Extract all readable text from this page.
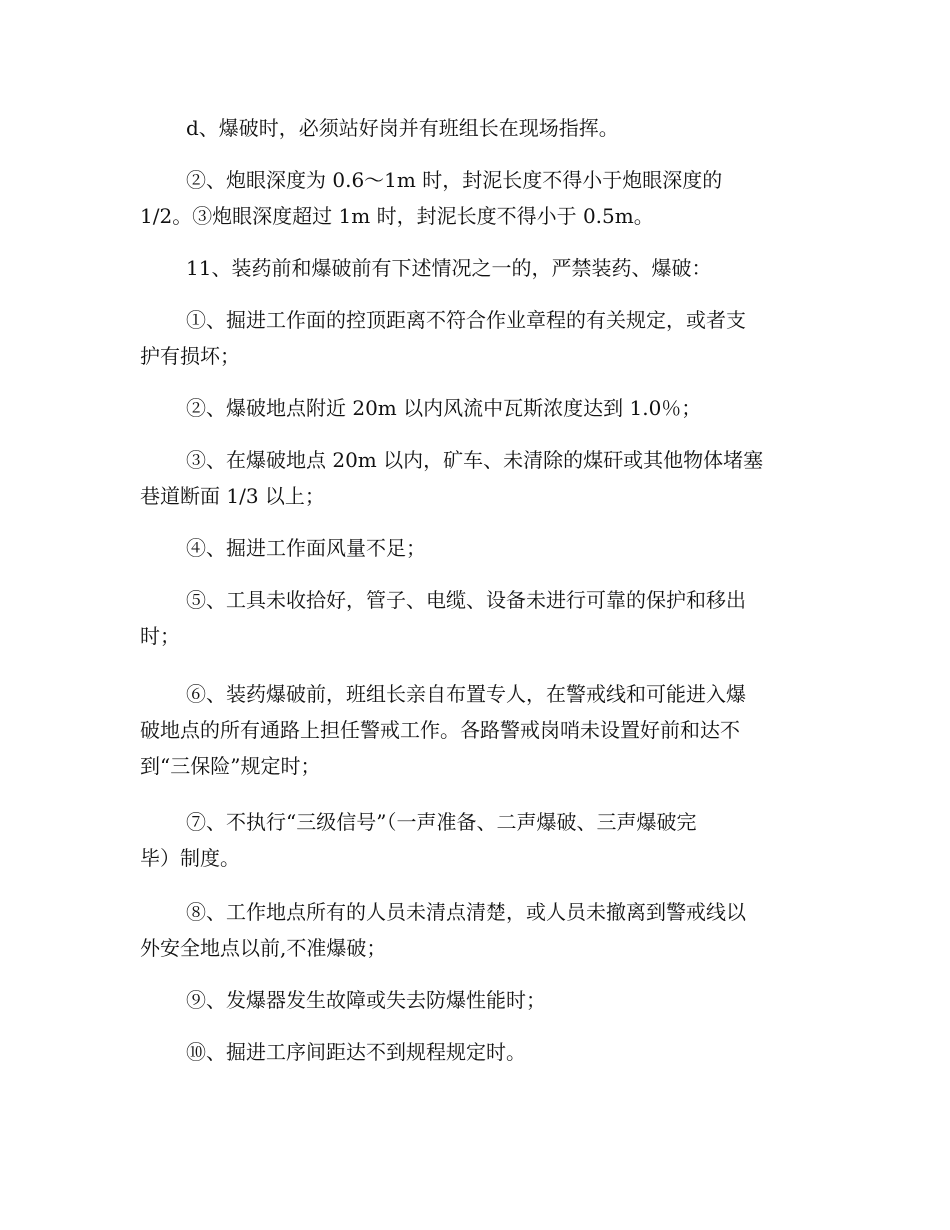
d、爆破时，必须站好岗并有班组长在现场指挥。
②、炮眼深度为 0.6～1m 时，封泥长度不得小于炮眼深度的
1/2。③炮眼深度超过 1m 时，封泥长度不得小于 0.5m。
11、装药前和爆破前有下述情况之一的，严禁装药、爆破：
①、掘进工作面的控顶距离不符合作业章程的有关规定，或者支
护有损坏；
②、爆破地点附近 20m 以内风流中瓦斯浓度达到 1.0％；
③、在爆破地点 20m 以内，矿车、未清除的煤矸或其他物体堵塞
巷道断面 1/3 以上；
④、掘进工作面风量不足；
⑤、工具未收拾好，管子、电缆、设备未进行可靠的保护和移出
时；
⑥、装药爆破前，班组长亲自布置专人，在警戒线和可能进入爆
破地点的所有通路上担任警戒工作。各路警戒岗哨未设置好前和达不
到“三保险”规定时；
⑦、不执行“三级信号”（一声准备、二声爆破、三声爆破完
毕）制度。
⑧、工作地点所有的人员未清点清楚，或人员未撤离到警戒线以
外安全地点以前,不准爆破；
⑨、发爆器发生故障或失去防爆性能时；
⑩、掘进工序间距达不到规程规定时。
